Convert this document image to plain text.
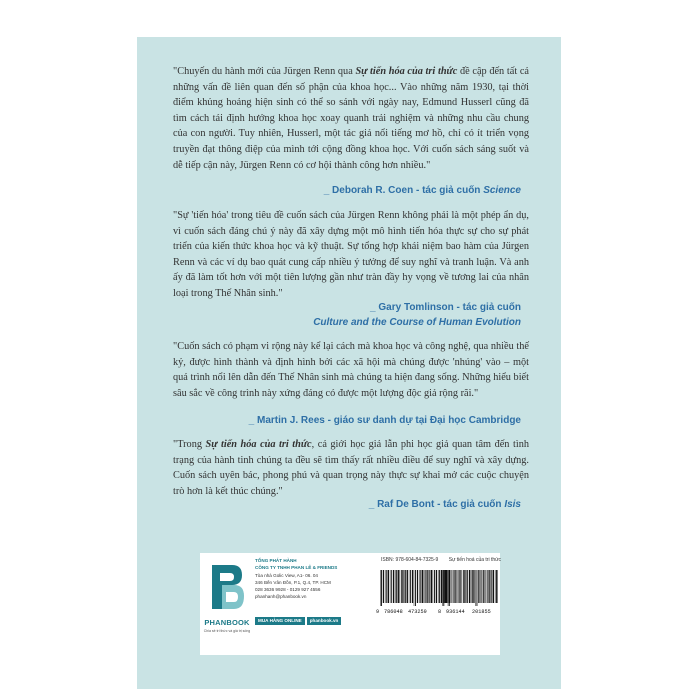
"Chuyến du hành mới của Jürgen Renn qua Sự tiến hóa của tri thức đề cập đến tất cả những vấn đề liên quan đến số phận của khoa học... Vào những năm 1930, tại thời điểm khủng hoảng hiện sinh có thể so sánh với ngày nay, Edmund Husserl cũng đã tìm cách tái định hướng khoa học xoay quanh trải nghiệm và những nhu cầu chung của con người. Tuy nhiên, Husserl, một tác giả nổi tiếng mơ hồ, chỉ có ít triển vọng truyền đạt thông điệp của mình tới cộng đồng khoa học. Với cuốn sách sáng suốt và dễ tiếp cận này, Jürgen Renn có cơ hội thành công hơn nhiều."
_ Deborah R. Coen - tác giả cuốn Science
"Sự 'tiến hóa' trong tiêu đề cuốn sách của Jürgen Renn không phải là một phép ẩn dụ, vì cuốn sách đáng chú ý này đã xây dựng một mô hình tiến hóa thực sự cho sự phát triển của kiến thức khoa học và kỹ thuật. Sự tổng hợp khái niệm bao hàm của Jürgen Renn và các ví dụ bao quát cung cấp nhiều ý tưởng để suy nghĩ và tranh luận. Và anh ấy đã làm tốt hơn với một tiên lượng gần như tràn đầy hy vọng về tương lai của nhân loại trong Thế Nhân sinh."
_ Gary Tomlinson - tác giả cuốn
Culture and the Course of Human Evolution
"Cuốn sách có phạm vi rộng này kể lại cách mà khoa học và công nghệ, qua nhiều thế kỷ, được hình thành và định hình bởi các xã hội mà chúng được 'nhúng' vào – một quá trình nổi lên dẫn đến Thế Nhân sinh mà chúng ta hiện đang sống. Những hiểu biết sâu sắc về công trình này xứng đáng có được một lượng độc giả rộng rãi."
_ Martin J. Rees - giáo sư danh dự tại Đại học Cambridge
"Trong Sự tiến hóa của tri thức, cả giới học giả lẫn phi học giả quan tâm đến tình trạng của hành tinh chúng ta đều sẽ tìm thấy rất nhiều điều để suy nghĩ và xây dựng. Cuốn sách uyên bác, phong phú và quan trọng này thực sự khai mở các cuộc chuyện trò hơn là kết thúc chúng."
_ Raf De Bont - tác giả cuốn Isis
PHANBOOK
Chia sẻ tri thức và giá trị sống
TỔNG PHÁT HÀNH
CÔNG TY TNHH PHAN LÊ & FRIENDS
Tòa nhà Golic View, A1- 06. 04
346 Bến Vân Đồn, P.1, Q.4, TP. HCM
028 3636 9928 - 0129 927 4556
phanhanh@phanbook.vn
MUA HÀNG ONLINE phanbook.vn
ISBN: 978-604-84-7325-9 Sự tiến hoá của tri thức
9 786048 473259 8 936144 201855
